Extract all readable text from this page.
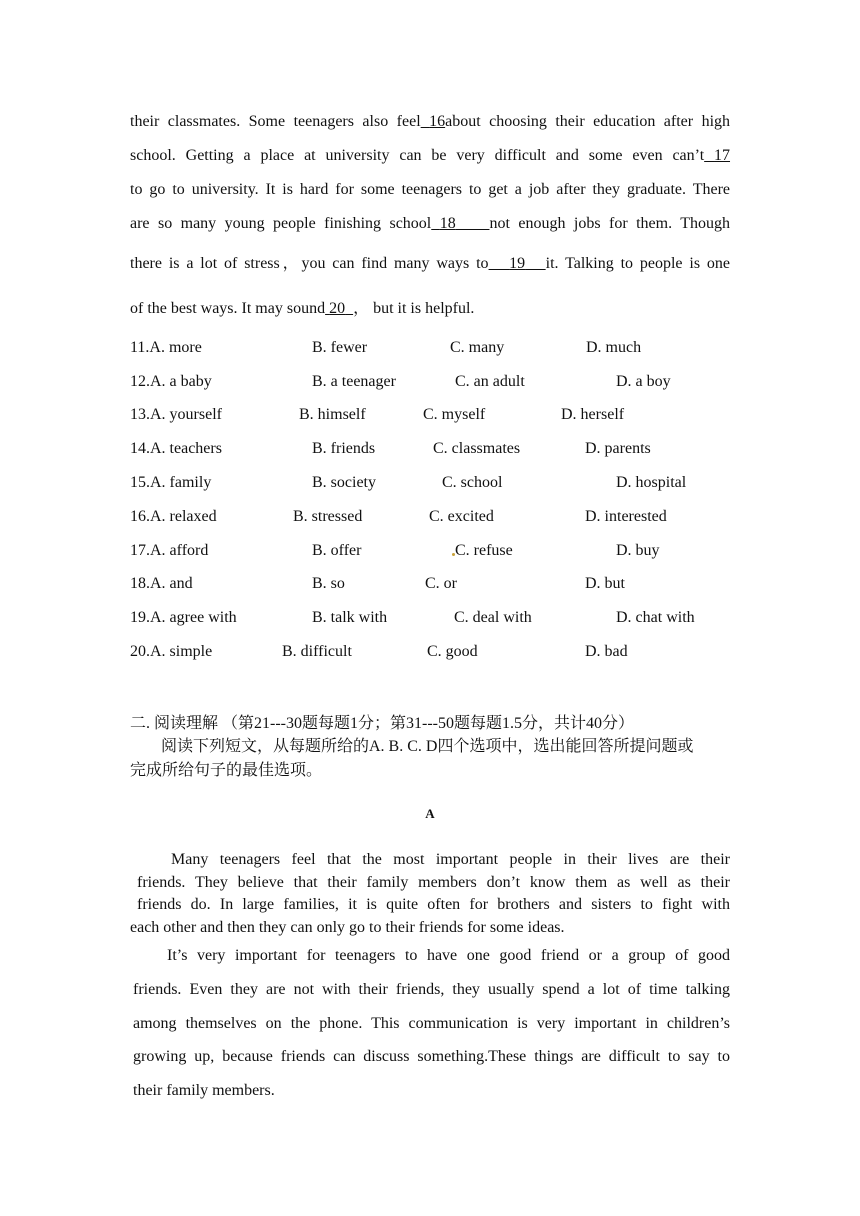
their classmates. Some teenagers also feel 16about choosing their education after high
school. Getting a place at university can be very difficult and some even can’t 17
to go to university. It is hard for some teenagers to get a job after they graduate. There
are so many young people finishing school 18 not enough jobs for them. Though
there is a lot of stress，you can find many ways to 19 it. Talking to people is one
of the best ways. It may sound 20 ， but it is helpful.
11.A. more	B. fewer	C. many	D. much
12.A. a baby	B. a teenager	C. an adult	D. a boy
13.A. yourself	B. himself	C. myself	D. herself
14.A. teachers	B. friends	C. classmates	D. parents
15.A. family	B. society	C. school	D. hospital
16.A. relaxed	B. stressed	C. excited	D. interested
17.A. afford	B. offer	C. refuse	D. buy
18.A. and	B. so	C. or	D. but
19.A. agree with	B. talk with	C. deal with	D. chat with
20.A. simple	B. difficult	C. good	D. bad
二. 阅读理解 （第21---30题每题1分；第31---50题每题1.5分，共计40分）
阅读下列短文，从每题所给的A. B. C. D四个选项中，选出能回答所提问题或
完成所给句子的最佳选项。
A
Many teenagers feel that the most important people in their lives are their
friends. They believe that their family members don’t know them as well as their
friends do. In large families, it is quite often for brothers and sisters to fight with
each other and then they can only go to their friends for some ideas.
It’s very important for teenagers to have one good friend or a group of good
friends. Even they are not with their friends, they usually spend a lot of time talking
among themselves on the phone. This communication is very important in children’s
growing up, because friends can discuss something.These things are difficult to say to
their family members.
